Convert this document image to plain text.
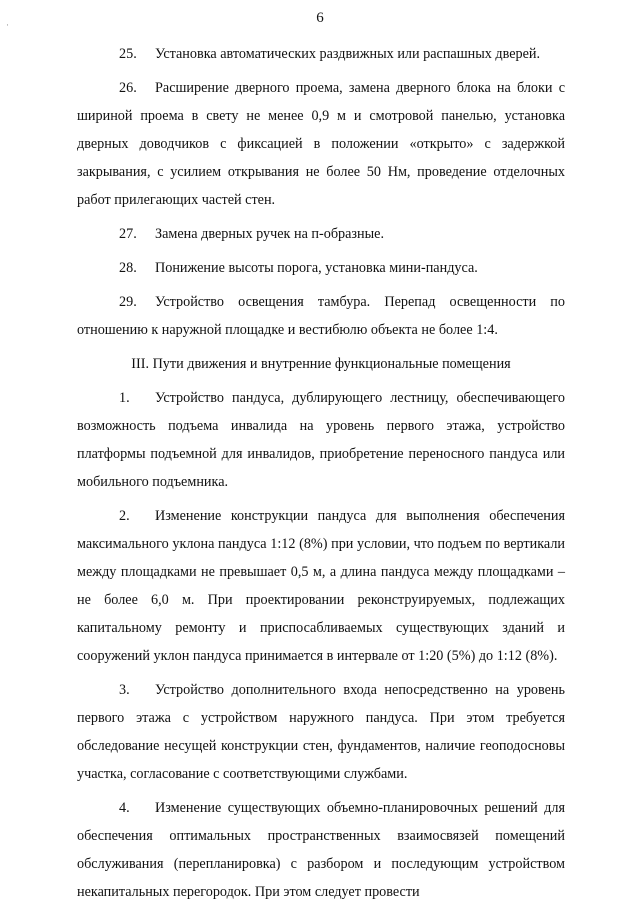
·	6

25. Установка автоматических раздвижных или распашных дверей.

26. Расширение дверного проема, замена дверного блока на блоки с шириной проема в свету не менее 0,9 м и смотровой панелью, установка дверных доводчиков с фиксацией в положении «открыто» с задержкой закрывания, с усилием открывания не более 50 Нм, проведение отделочных работ прилегающих частей стен.

27. Замена дверных ручек на п-образные.

28. Понижение высоты порога, установка мини-пандуса.

29. Устройство освещения тамбура. Перепад освещенности по отношению к наружной площадке и вестибюлю объекта не более 1:4.

III. Пути движения и внутренние функциональные помещения

1. Устройство пандуса, дублирующего лестницу, обеспечивающего возможность подъема инвалида на уровень первого этажа, устройство платформы подъемной для инвалидов, приобретение переносного пандуса или мобильного подъемника.

2. Изменение конструкции пандуса для выполнения обеспечения максимального уклона пандуса 1:12 (8%) при условии, что подъем по вертикали между площадками не превышает 0,5 м, а длина пандуса между площадками – не более 6,0 м. При проектировании реконструируемых, подлежащих капитальному ремонту и приспосабливаемых существующих зданий и сооружений уклон пандуса принимается в интервале от 1:20 (5%) до 1:12 (8%).

3. Устройство дополнительного входа непосредственно на уровень первого этажа с устройством наружного пандуса. При этом требуется обследование несущей конструкции стен, фундаментов, наличие геоподосновы участка, согласование с соответствующими службами.

4. Изменение существующих объемно-планировочных решений для обеспечения оптимальных пространственных взаимосвязей помещений обслуживания (перепланировка) с разбором и последующим устройством некапитальных перегородок. При этом следует провести
